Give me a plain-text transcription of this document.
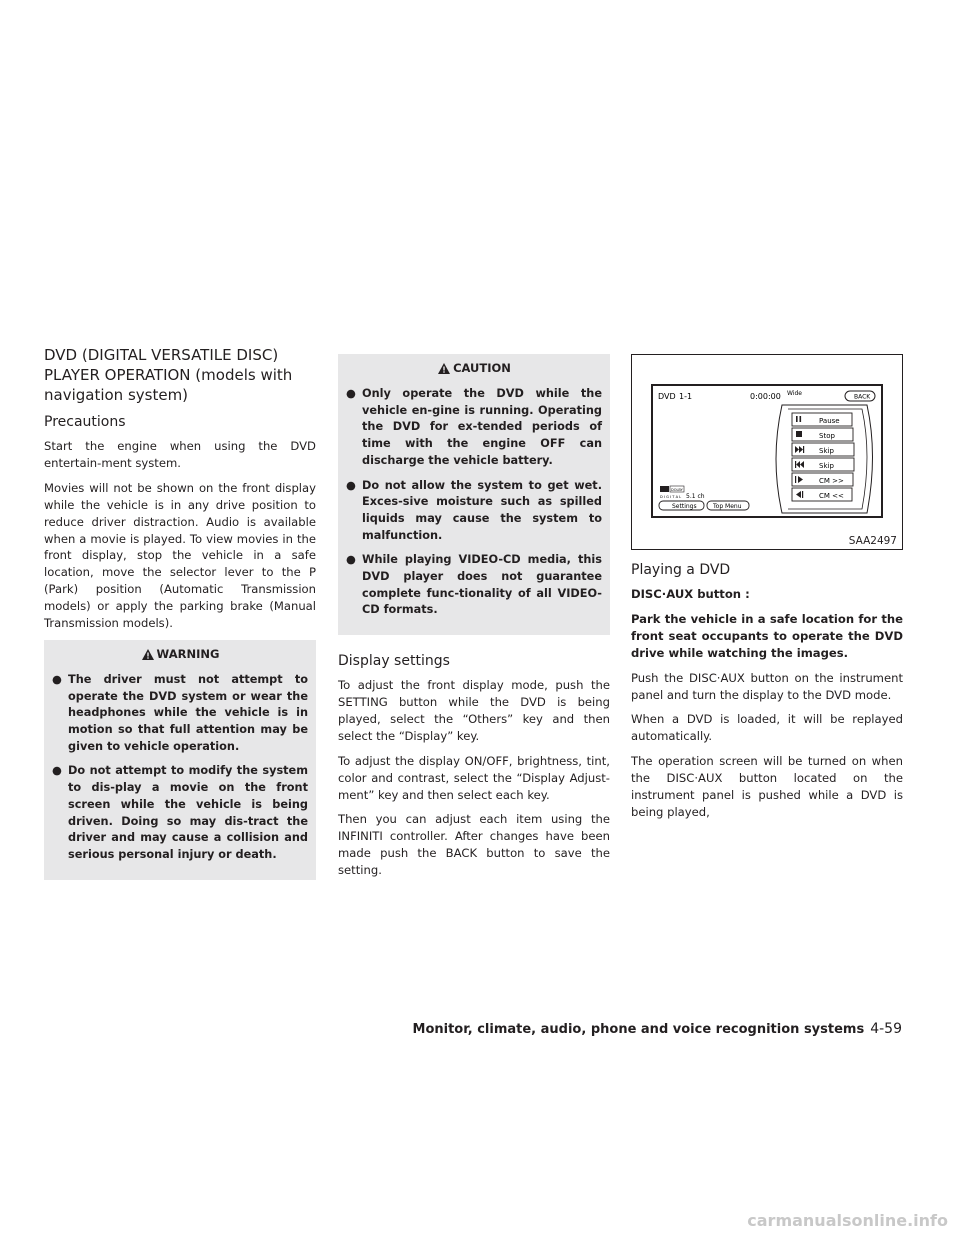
DVD (DIGITAL VERSATILE DISC)
PLAYER OPERATION (models with
navigation system)
Precautions

Start the engine when using the DVD entertain-ment system.

Movies will not be shown on the front display while the vehicle is in any drive position to reduce driver distraction. Audio is available when a movie is played. To view movies in the front display, stop the vehicle in a safe location, move the selector lever to the P (Park) position (Automatic Transmission models) or apply the parking brake (Manual Transmission models).

WARNING
● The driver must not attempt to operate the DVD system or wear the headphones while the vehicle is in motion so that full attention may be given to vehicle operation.
● Do not attempt to modify the system to dis-play a movie on the front screen while the vehicle is being driven. Doing so may dis-tract the driver and may cause a collision and serious personal injury or death.
CAUTION
● Only operate the DVD while the vehicle en-gine is running. Operating the DVD for ex-tended periods of time with the engine OFF can discharge the vehicle battery.
● Do not allow the system to get wet. Exces-sive moisture such as spilled liquids may cause the system to malfunction.
● While playing VIDEO-CD media, this DVD player does not guarantee complete func-tionality of all VIDEO-CD formats.
Display settings

To adjust the front display mode, push the SETTING button while the DVD is being played, select the “Others” key and then select the “Display” key.

To adjust the display ON/OFF, brightness, tint, color and contrast, select the “Display Adjust-ment” key and then select each key.

Then you can adjust each item using the INFINITI controller. After changes have been made push the BACK button to save the setting.

DVD 1-1	0:00:00 Wide	BACK
Pause
Stop
Skip
Skip
CM >>
CM <<
DOLBY
D I G I T A L 5.1 ch
Settings	Top Menu
SAA2497
Playing a DVD

DISC·AUX button :

Park the vehicle in a safe location for the front seat occupants to operate the DVD drive while watching the images.

Push the DISC·AUX button on the instrument panel and turn the display to the DVD mode.

When a DVD is loaded, it will be replayed automatically.

The operation screen will be turned on when the DISC·AUX button located on the instrument panel is pushed while a DVD is being played,

Monitor, climate, audio, phone and voice recognition systems 4-59
carmanualsonline.info
